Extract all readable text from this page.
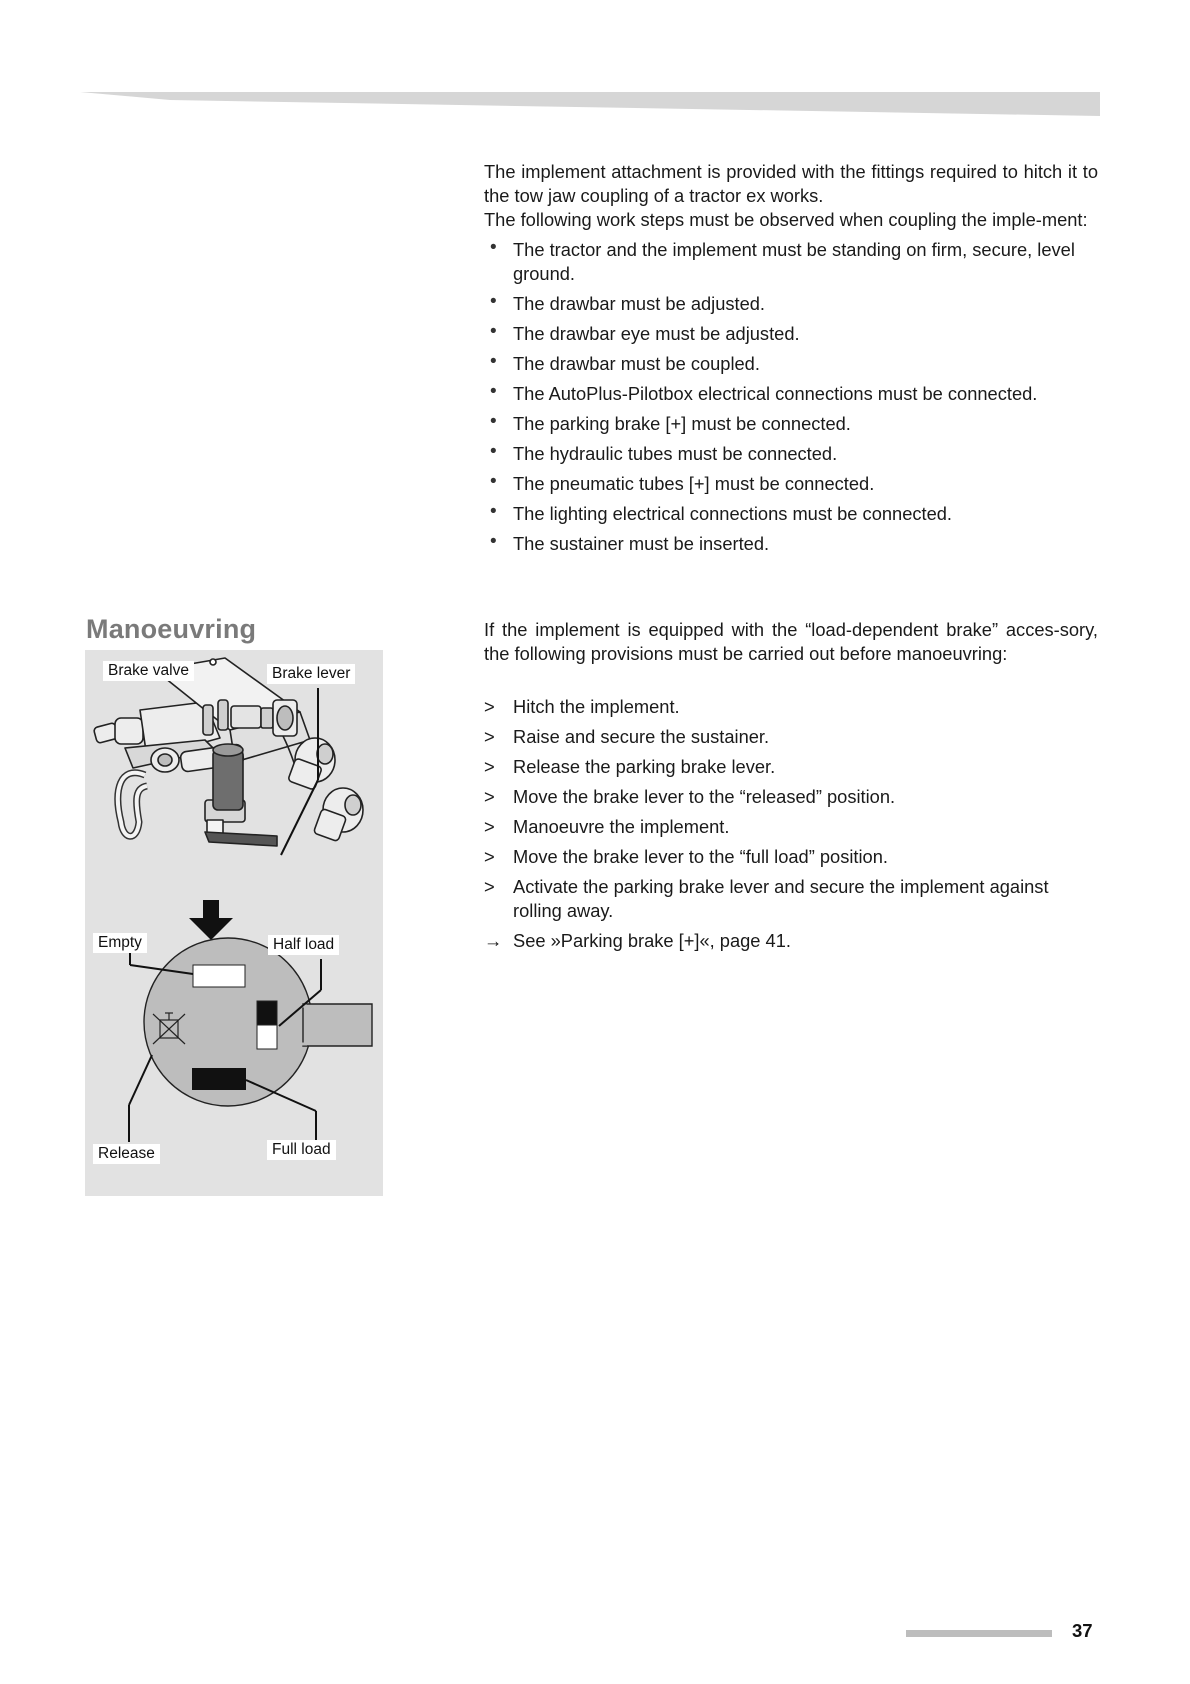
The implement attachment is provided with the fittings required to hitch it to the tow jaw coupling of a tractor ex works.

The following work steps must be observed when coupling the imple-ment:

• The tractor and the implement must be standing on firm, secure, level ground.
• The drawbar must be adjusted.
• The drawbar eye must be adjusted.
• The drawbar must be coupled.
• The AutoPlus-Pilotbox electrical connections must be connected.
• The parking brake [+] must be connected.
• The hydraulic tubes must be connected.
• The pneumatic tubes [+] must be connected.
• The lighting electrical connections must be connected.
• The sustainer must be inserted.
Manoeuvring	If the implement is equipped with the “load-dependent brake” acces-sory, the following provisions must be carried out before manoeuvring:

>	Hitch the implement.
>	Raise and secure the sustainer.
>	Release the parking brake lever.
>	Move the brake lever to the “released” position.
>	Manoeuvre the implement.
>	Move the brake lever to the “full load” position.
>	Activate the parking brake lever and secure the implement against rolling away.
→ See »Parking brake [+]«, page 41.
Brake valve	Brake lever
Empty	Half load
Release	Full load
37
